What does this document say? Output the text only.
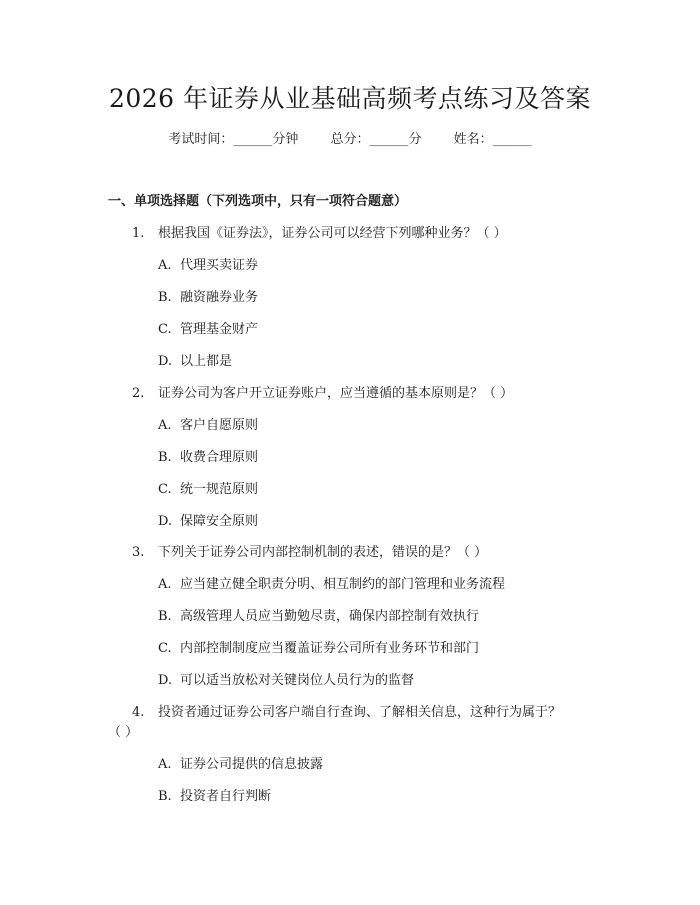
2026 年证券从业基础高频考点练习及答案
考试时间：______分钟 总分：______分 姓名：______
一、单项选择题（下列选项中，只有一项符合题意）
1.	根据我国《证券法》，证券公司可以经营下列哪种业务？（ ）
A. 代理买卖证券
B. 融资融券业务
C. 管理基金财产
D. 以上都是
2.	证券公司为客户开立证券账户，应当遵循的基本原则是？（ ）
A. 客户自愿原则
B. 收费合理原则
C. 统一规范原则
D. 保障安全原则
3.	下列关于证券公司内部控制机制的表述，错误的是？（ ）
A. 应当建立健全职责分明、相互制约的部门管理和业务流程
B. 高级管理人员应当勤勉尽责，确保内部控制有效执行
C. 内部控制制度应当覆盖证券公司所有业务环节和部门
D. 可以适当放松对关键岗位人员行为的监督
4.	投资者通过证券公司客户端自行查询、了解相关信息，这种行为属于？
（ ）
A. 证券公司提供的信息披露
B. 投资者自行判断
